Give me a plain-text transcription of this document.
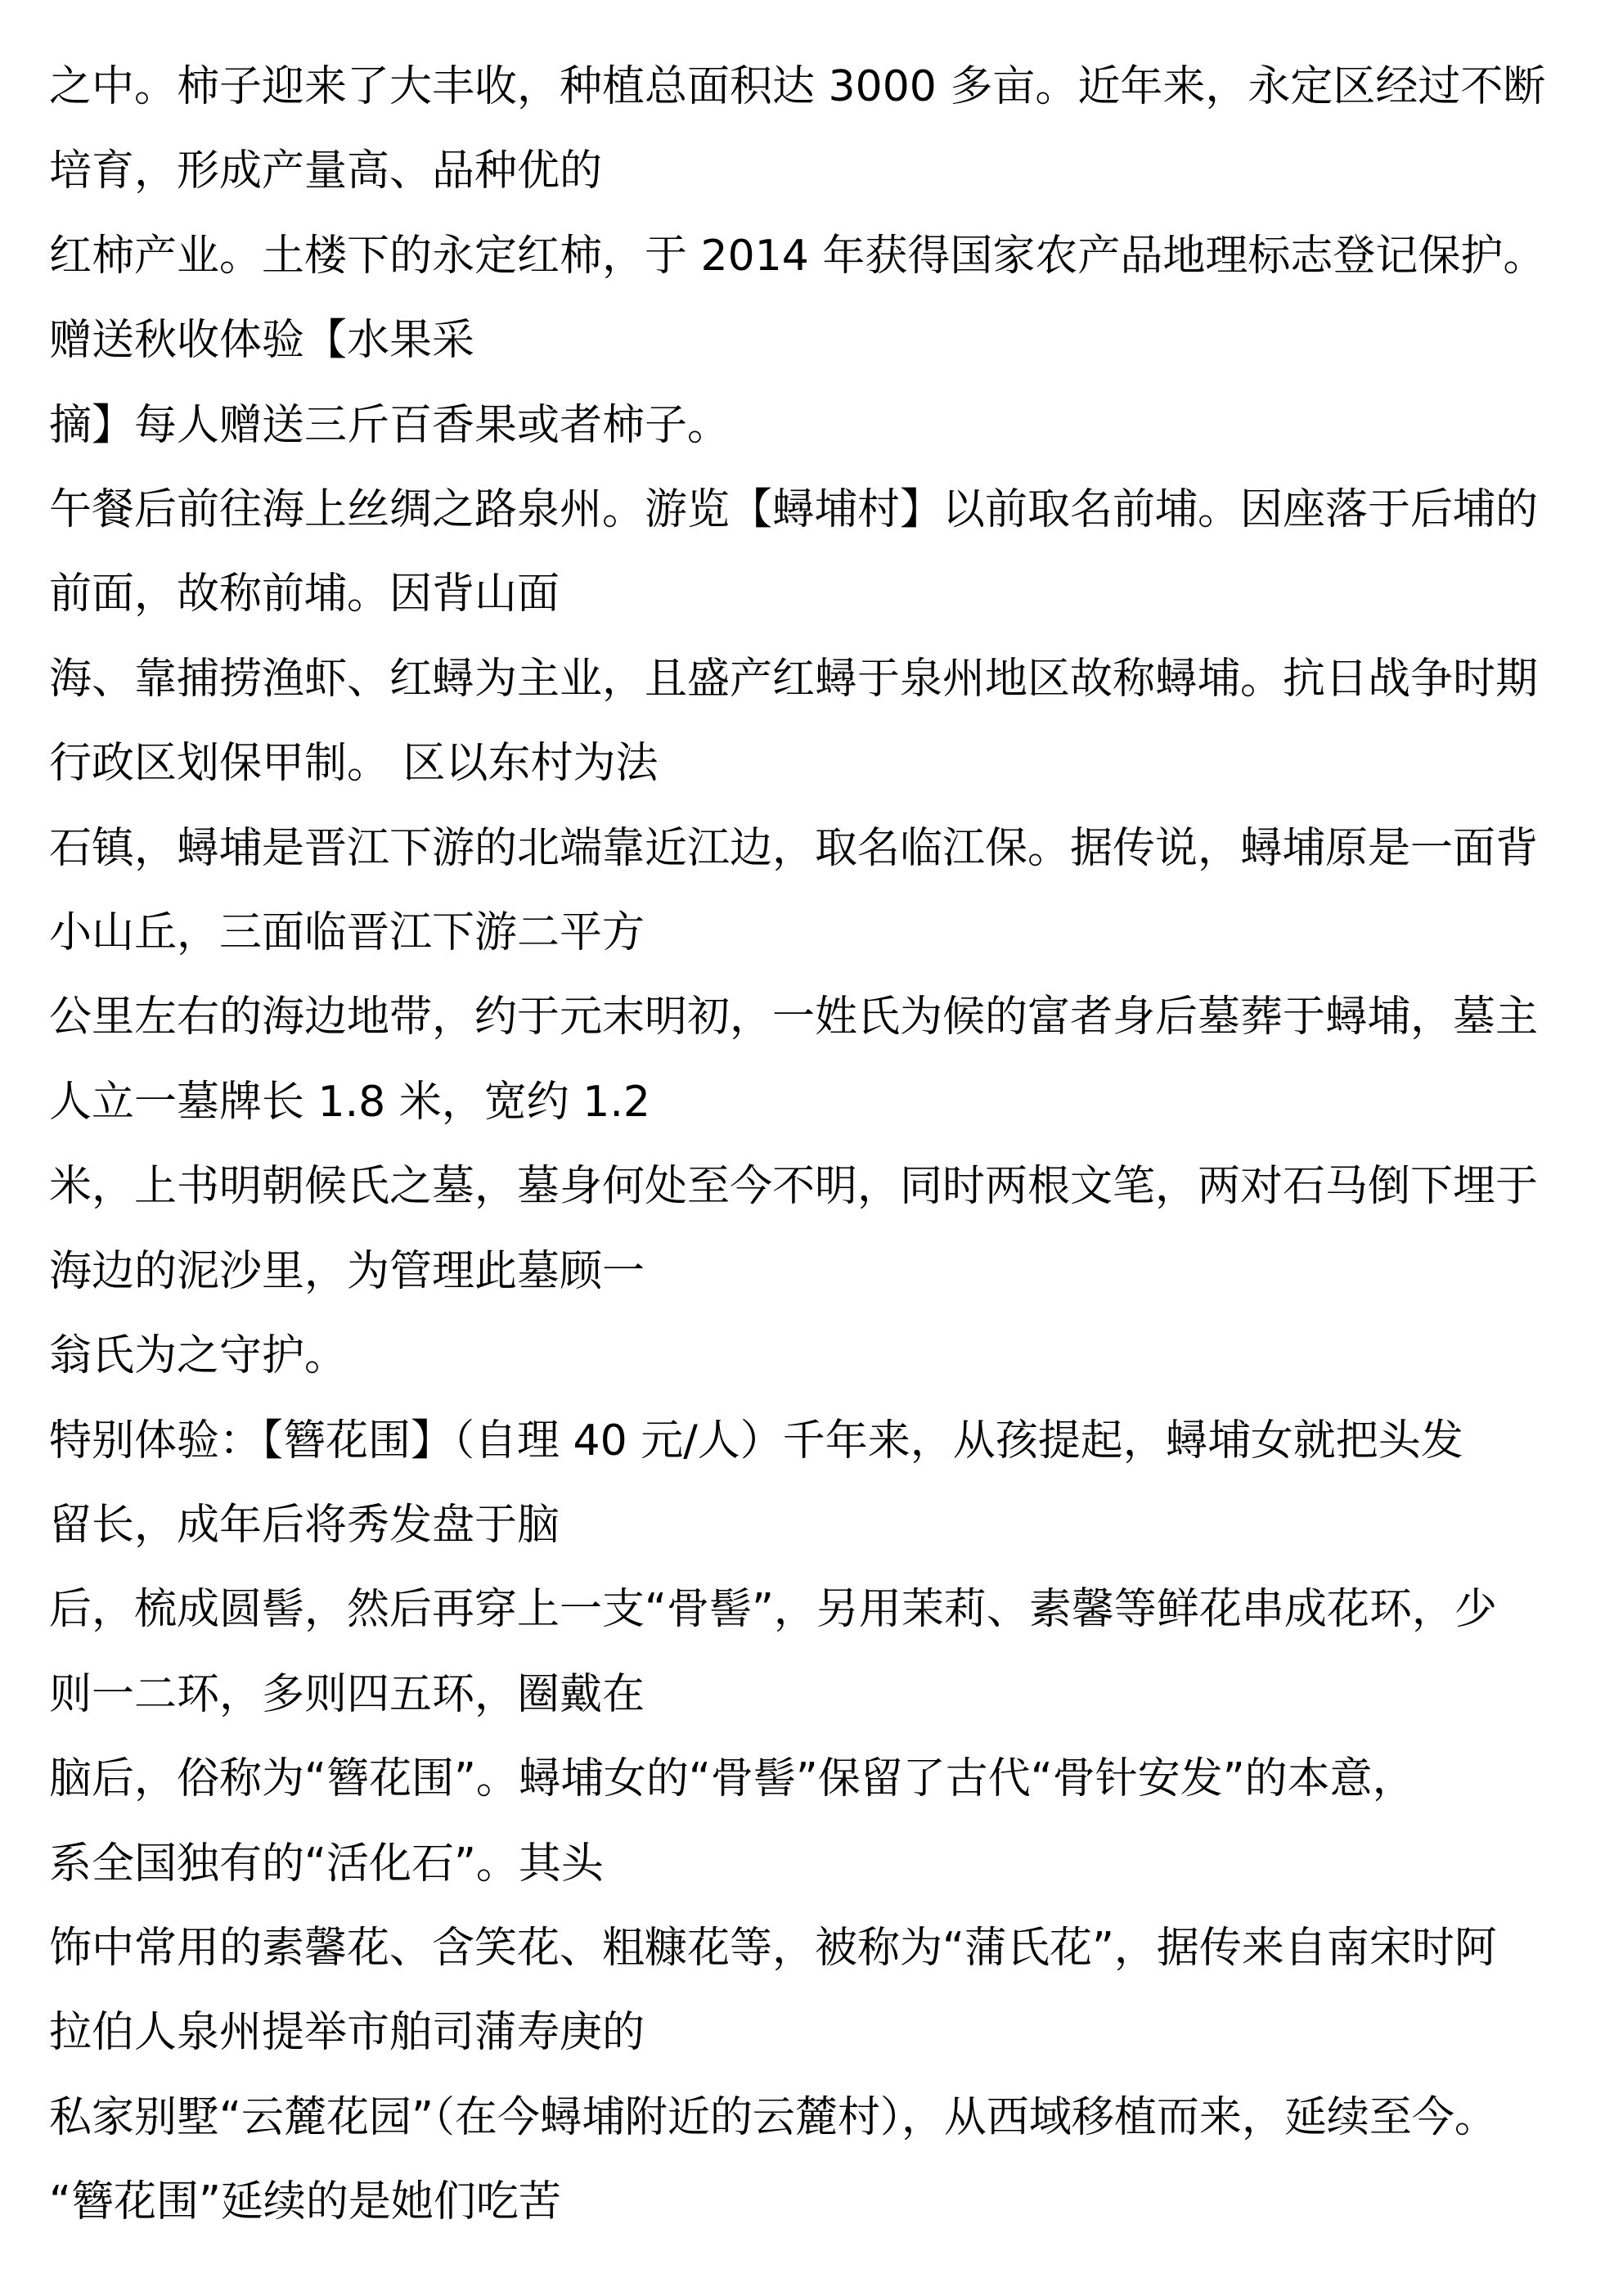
之中。柿子迎来了大丰收，种植总面积达 3000 多亩。近年来，永定区经过不断

培育，形成产量高、品种优的

红柿产业。土楼下的永定红柿，于 2014 年获得国家农产品地理标志登记保护。

赠送秋收体验【水果采

摘】每人赠送三斤百香果或者柿子。

午餐后前往海上丝绸之路泉州。游览【蟳埔村】以前取名前埔。因座落于后埔的

前面，故称前埔。因背山面

海、靠捕捞渔虾、红蟳为主业，且盛产红蟳于泉州地区故称蟳埔。抗日战争时期

行政区划保甲制。 区以东村为法

石镇，蟳埔是晋江下游的北端靠近江边，取名临江保。据传说，蟳埔原是一面背

小山丘，三面临晋江下游二平方

公里左右的海边地带，约于元末明初，一姓氏为候的富者身后墓葬于蟳埔，墓主

人立一墓牌长 1.8 米，宽约 1.2

米，上书明朝候氏之墓，墓身何处至今不明，同时两根文笔，两对石马倒下埋于

海边的泥沙里，为管理此墓顾一

翁氏为之守护。

特别体验：【簪花围】（自理 40 元/人）千年来，从孩提起，蟳埔女就把头发

留长，成年后将秀发盘于脑

后，梳成圆髻，然后再穿上一支“骨髻”，另用茉莉、素馨等鲜花串成花环，少

则一二环，多则四五环，圈戴在

脑后，俗称为“簪花围”。蟳埔女的“骨髻”保留了古代“骨针安发”的本意，

系全国独有的“活化石”。其头

饰中常用的素馨花、含笑花、粗糠花等，被称为“蒲氏花”，据传来自南宋时阿

拉伯人泉州提举市舶司蒲寿庚的

私家别墅“云麓花园”（在今蟳埔附近的云麓村），从西域移植而来，延续至今。

“簪花围”延续的是她们吃苦
